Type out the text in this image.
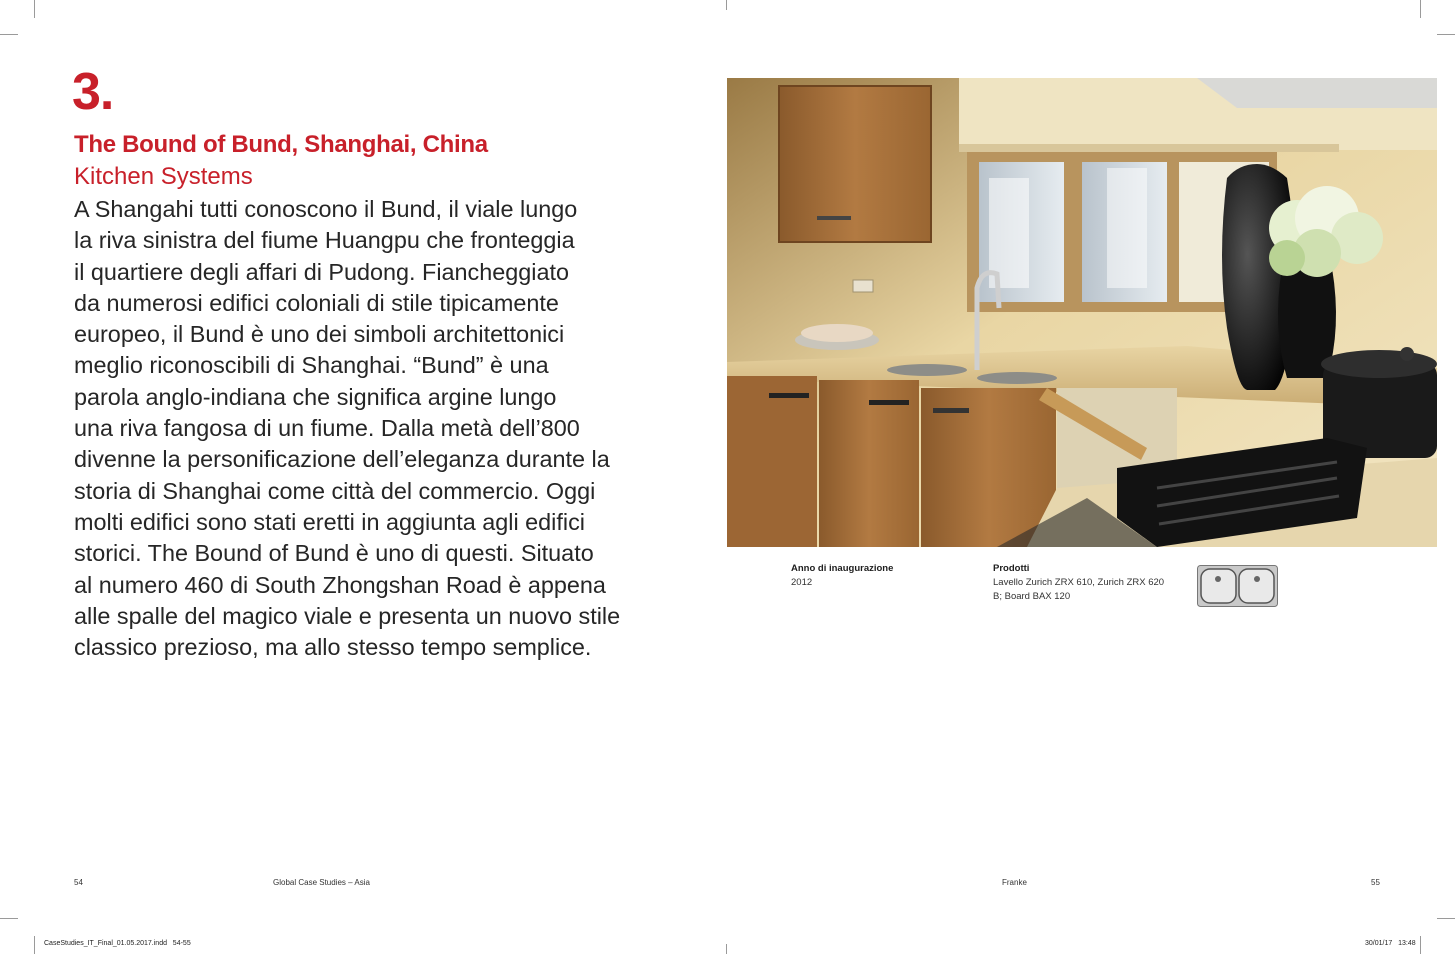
3.
The Bound of Bund, Shanghai, China
Kitchen Systems
A Shangahi tutti conoscono il Bund, il viale lungo
la riva sinistra del fiume Huangpu che fronteggia
il quartiere degli affari di Pudong. Fiancheggiato
da numerosi edifici coloniali di stile tipicamente
europeo, il Bund è uno dei simboli architettonici
meglio riconoscibili di Shanghai. “Bund” è una
parola anglo-indiana che significa argine lungo
una riva fangosa di un fiume. Dalla metà dell’800
divenne la personificazione dell’eleganza durante la
storia di Shanghai come città del commercio. Oggi
molti edifici sono stati eretti in aggiunta agli edifici
storici. The Bound of Bund è uno di questi. Situato
al numero 460 di South Zhongshan Road è appena
alle spalle del magico viale e presenta un nuovo stile
classico prezioso, ma allo stesso tempo semplice.
Anno di inaugurazione
2012
Prodotti
Lavello Zurich ZRX 610, Zurich ZRX 620
B; Board BAX 120
54	Global Case Studies – Asia	Franke	55
CaseStudies_IT_Final_01.05.2017.indd   54-55	30/01/17   13:48
